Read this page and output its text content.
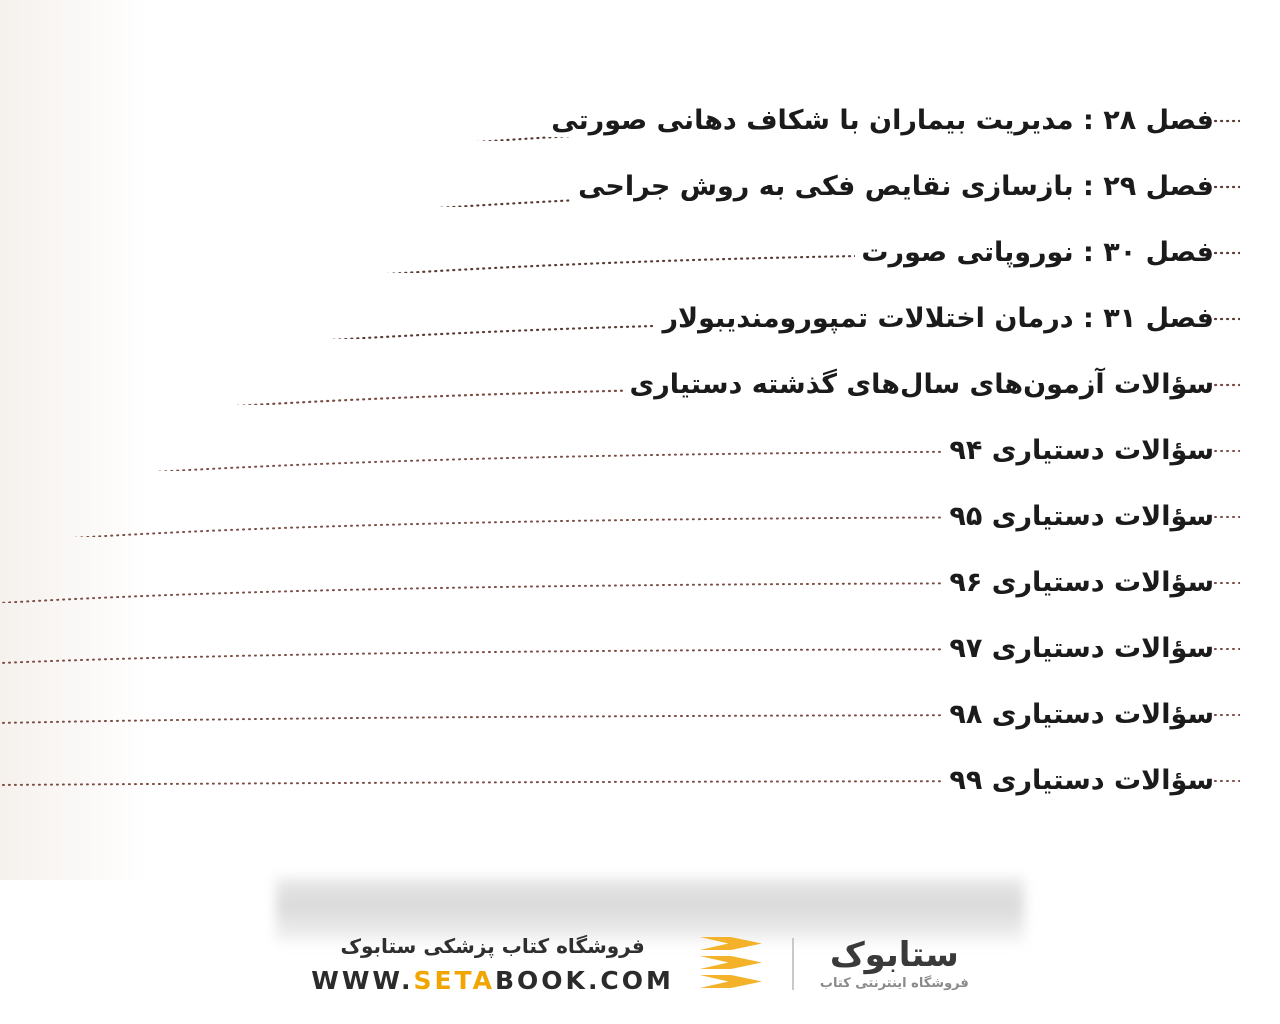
فصل ۲۸ : مدیریت بیماران با شکاف دهانی صورتی
فصل ۲۹ : بازسازی نقایص فکی به روش جراحی
فصل ۳۰ : نوروپاتی صورت
فصل ۳۱ : درمان اختلالات تمپورومندیبولار
سؤالات آزمون‌های سال‌های گذشته دستیاری
سؤالات دستیاری ۹۴
سؤالات دستیاری ۹۵
سؤالات دستیاری ۹۶
سؤالات دستیاری ۹۷
سؤالات دستیاری ۹۸
سؤالات دستیاری ۹۹
ستابوک
فروشگاه اینترنتی کتاب
فروشگاه کتاب پزشکی ستابوک
WWW.SETABOOK.COM
